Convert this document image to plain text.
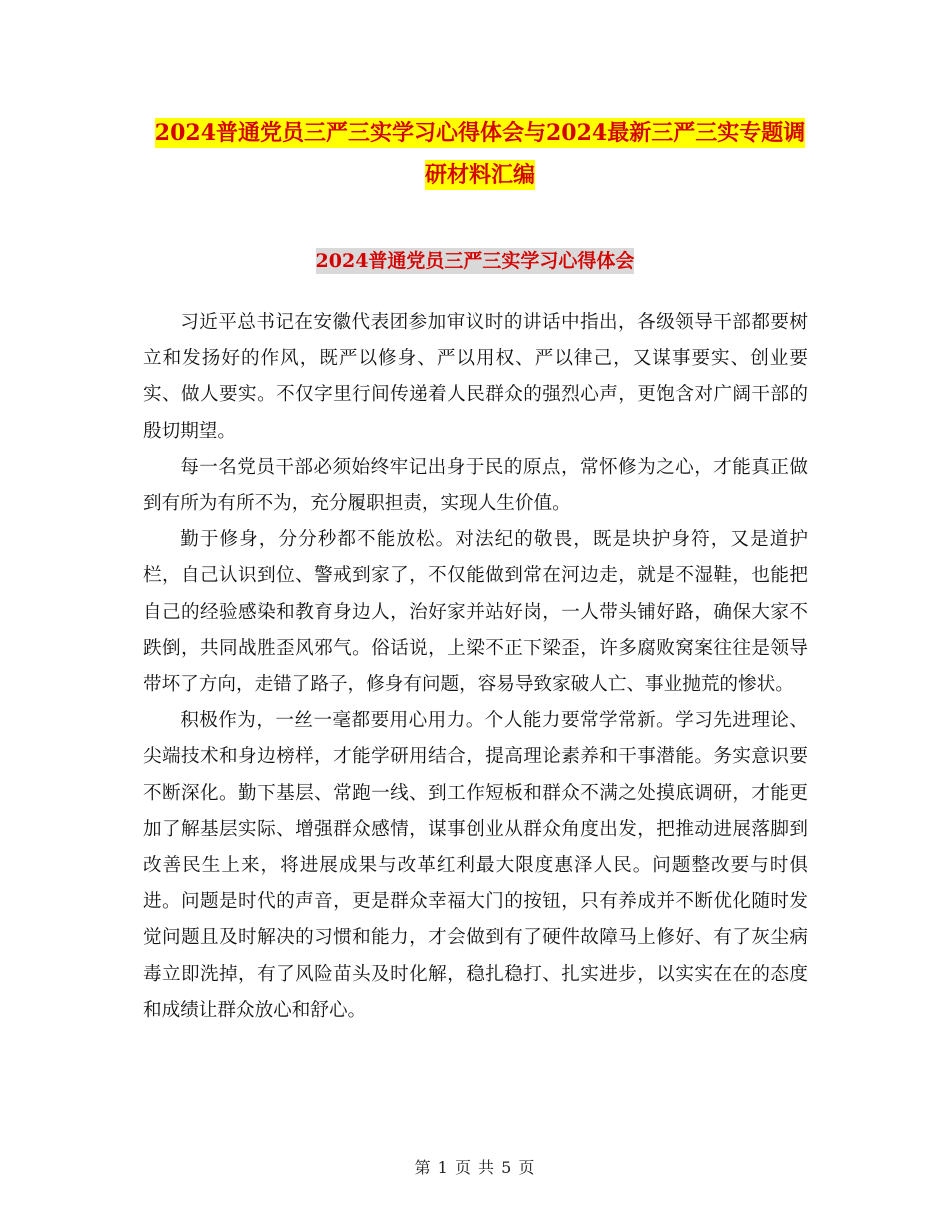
2024普通党员三严三实学习心得体会与2024最新三严三实专题调研材料汇编
2024普通党员三严三实学习心得体会

习近平总书记在安徽代表团参加审议时的讲话中指出，各级领导干部都要树立和发扬好的作风，既严以修身、严以用权、严以律己，又谋事要实、创业要实、做人要实。不仅字里行间传递着人民群众的强烈心声，更饱含对广阔干部的殷切期望。

每一名党员干部必须始终牢记出身于民的原点，常怀修为之心，才能真正做到有所为有所不为，充分履职担责，实现人生价值。

勤于修身，分分秒都不能放松。对法纪的敬畏，既是块护身符，又是道护栏，自己认识到位、警戒到家了，不仅能做到常在河边走，就是不湿鞋，也能把自己的经验感染和教育身边人，治好家并站好岗，一人带头铺好路，确保大家不跌倒，共同战胜歪风邪气。俗话说，上梁不正下梁歪，许多腐败窝案往往是领导带坏了方向，走错了路子，修身有问题，容易导致家破人亡、事业抛荒的惨状。

积极作为，一丝一毫都要用心用力。个人能力要常学常新。学习先进理论、尖端技术和身边榜样，才能学研用结合，提高理论素养和干事潜能。务实意识要不断深化。勤下基层、常跑一线、到工作短板和群众不满之处摸底调研，才能更加了解基层实际、增强群众感情，谋事创业从群众角度出发，把推动进展落脚到改善民生上来，将进展成果与改革红利最大限度惠泽人民。问题整改要与时俱进。问题是时代的声音，更是群众幸福大门的按钮，只有养成并不断优化随时发觉问题且及时解决的习惯和能力，才会做到有了硬件故障马上修好、有了灰尘病毒立即洗掉，有了风险苗头及时化解，稳扎稳打、扎实进步，以实实在在的态度和成绩让群众放心和舒心。

第 1 页 共 5 页
